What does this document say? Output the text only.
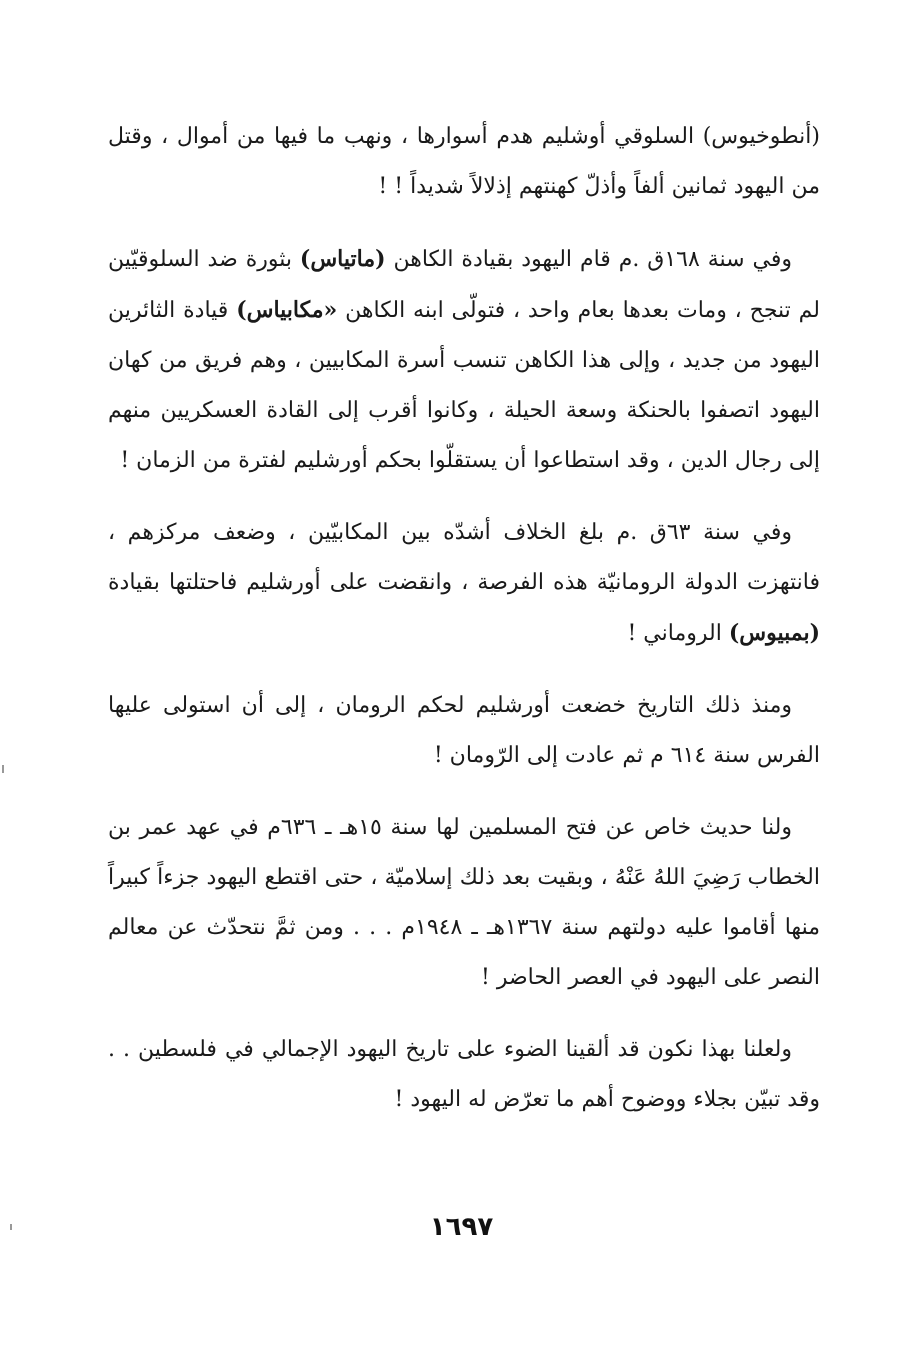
(أنطوخيوس) السلوقي أوشليم هدم أسوارها ، ونهب ما فيها من أموال ، وقتل من اليهود ثمانين ألفاً وأذلّ كهنتهم إذلالاً شديداً ! !

وفي سنة ١٦٨ق .م قام اليهود بقيادة الكاهن (ماتياس) بثورة ضد السلوقيّين لم تنجح ، ومات بعدها بعام واحد ، فتولّى ابنه الكاهن «مكابياس) قيادة الثائرين اليهود من جديد ، وإلى هذا الكاهن تنسب أسرة المكابيين ، وهم فريق من كهان اليهود اتصفوا بالحنكة وسعة الحيلة ، وكانوا أقرب إلى القادة العسكريين منهم إلى رجال الدين ، وقد استطاعوا أن يستقلّوا بحكم أورشليم لفترة من الزمان !

وفي سنة ٦٣ق .م بلغ الخلاف أشدّه بين المكابيّين ، وضعف مركزهم ، فانتهزت الدولة الرومانيّة هذه الفرصة ، وانقضت على أورشليم فاحتلتها بقيادة (بمبيوس) الروماني !

ومنذ ذلك التاريخ خضعت أورشليم لحكم الرومان ، إلى أن استولى عليها الفرس سنة ٦١٤ م ثم عادت إلى الرّومان !

ولنا حديث خاص عن فتح المسلمين لها سنة ١٥هـ ـ ٦٣٦م في عهد عمر بن الخطاب رَضِيَ اللهُ عَنْهُ ، وبقيت بعد ذلك إسلاميّة ، حتى اقتطع اليهود جزءاً كبيراً منها أقاموا عليه دولتهم سنة ١٣٦٧هـ ـ ١٩٤٨م . . . ومن ثمَّ نتحدّث عن معالم النصر على اليهود في العصر الحاضر !

ولعلنا بهذا نكون قد ألقينا الضوء على تاريخ اليهود الإجمالي في فلسطين . . وقد تبيّن بجلاء ووضوح أهم ما تعرّض له اليهود !

١٦٩٧
